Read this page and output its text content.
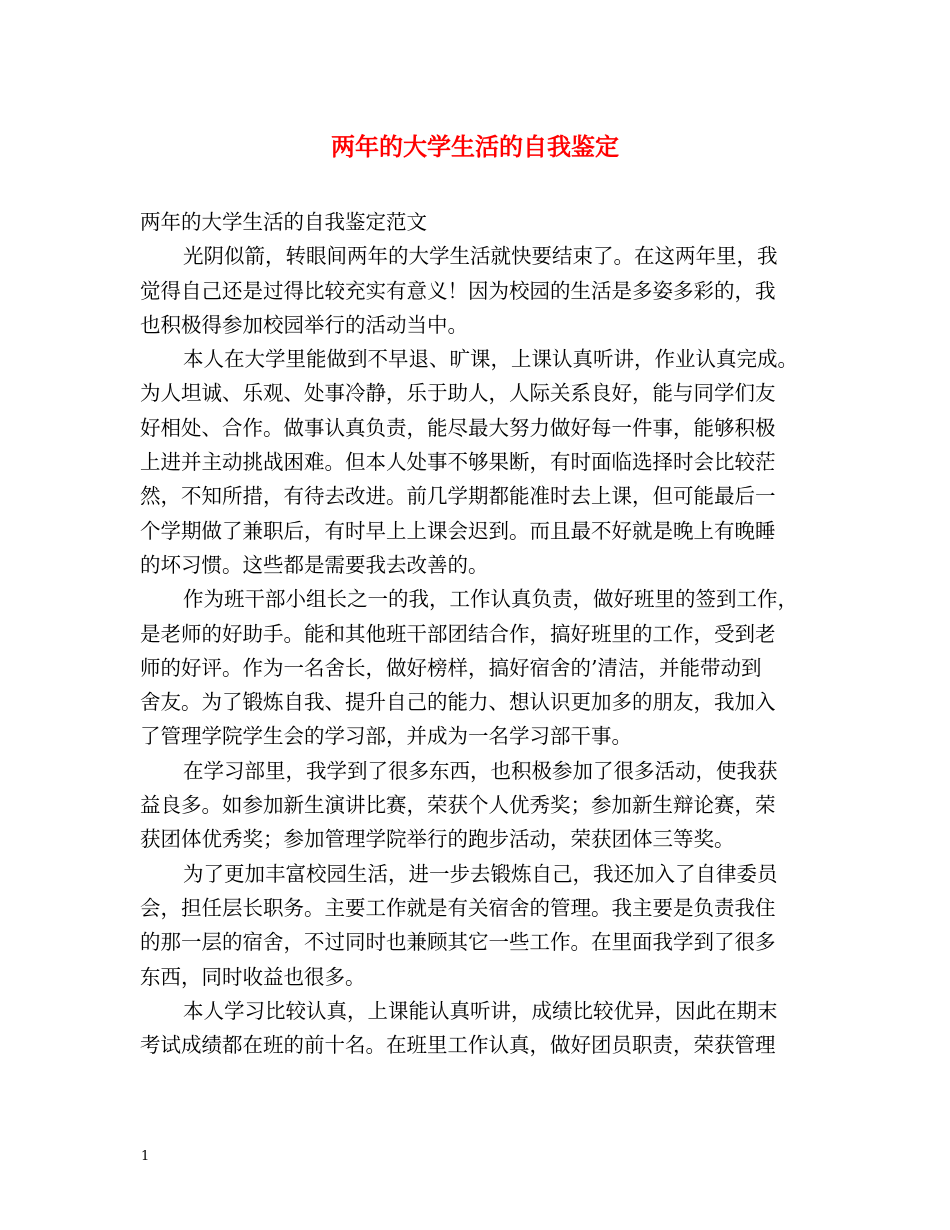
两年的大学生活的自我鉴定
两年的大学生活的自我鉴定范文
光阴似箭，转眼间两年的大学生活就快要结束了。在这两年里，我
觉得自己还是过得比较充实有意义！因为校园的生活是多姿多彩的，我
也积极得参加校园举行的活动当中。
本人在大学里能做到不早退、旷课，上课认真听讲，作业认真完成。
为人坦诚、乐观、处事冷静，乐于助人，人际关系良好，能与同学们友
好相处、合作。做事认真负责，能尽最大努力做好每一件事，能够积极
上进并主动挑战困难。但本人处事不够果断，有时面临选择时会比较茫
然，不知所措，有待去改进。前几学期都能准时去上课，但可能最后一
个学期做了兼职后，有时早上上课会迟到。而且最不好就是晚上有晚睡
的坏习惯。这些都是需要我去改善的。
作为班干部小组长之一的我，工作认真负责，做好班里的签到工作，
是老师的好助手。能和其他班干部团结合作，搞好班里的工作，受到老
师的好评。作为一名舍长，做好榜样，搞好宿舍的’清洁，并能带动到
舍友。为了锻炼自我、提升自己的能力、想认识更加多的朋友，我加入
了管理学院学生会的学习部，并成为一名学习部干事。
在学习部里，我学到了很多东西，也积极参加了很多活动，使我获
益良多。如参加新生演讲比赛，荣获个人优秀奖；参加新生辩论赛，荣
获团体优秀奖；参加管理学院举行的跑步活动，荣获团体三等奖。
为了更加丰富校园生活，进一步去锻炼自己，我还加入了自律委员
会，担任层长职务。主要工作就是有关宿舍的管理。我主要是负责我住
的那一层的宿舍，不过同时也兼顾其它一些工作。在里面我学到了很多
东西，同时收益也很多。
本人学习比较认真，上课能认真听讲，成绩比较优异，因此在期末
考试成绩都在班的前十名。在班里工作认真，做好团员职责，荣获管理
1
